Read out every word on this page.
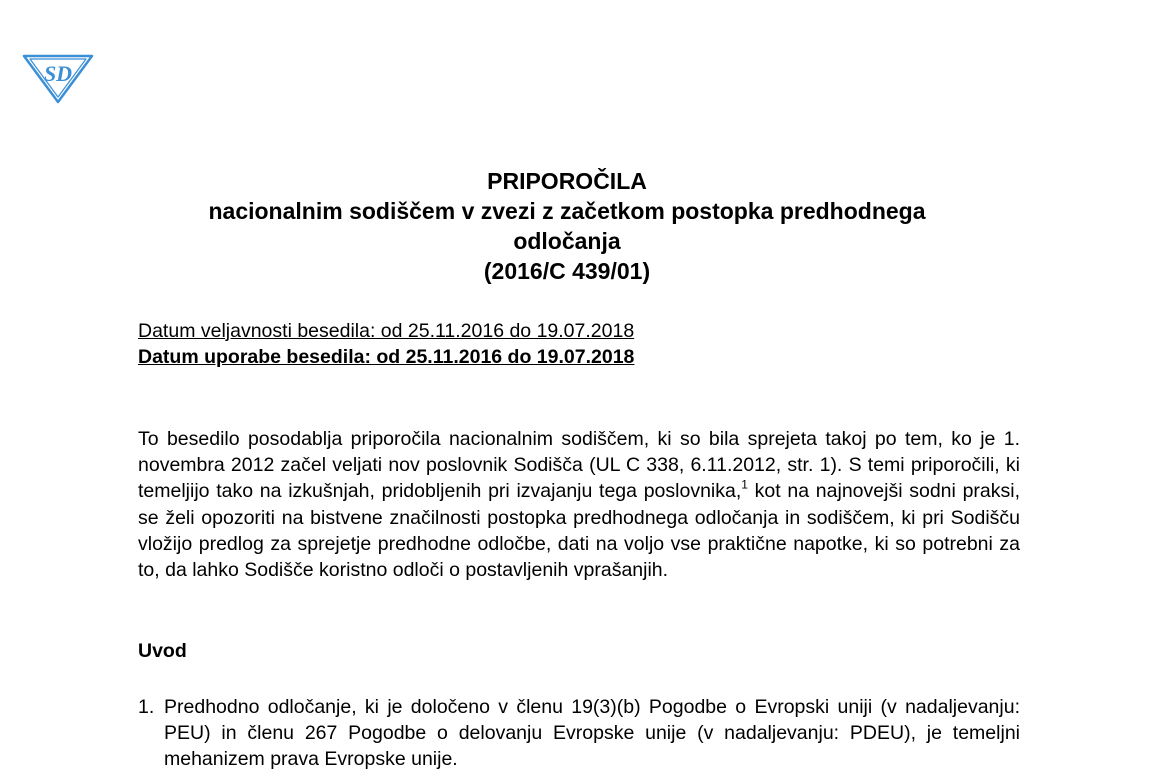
SD
PRIPOROČILA
nacionalnim sodiščem v zvezi z začetkom postopka predhodnega
odločanja
(2016/C 439/01)
Datum veljavnosti besedila: od 25.11.2016 do 19.07.2018
Datum uporabe besedila: od 25.11.2016 do 19.07.2018

To besedilo posodablja priporočila nacionalnim sodiščem, ki so bila sprejeta takoj po tem, ko je 1. novembra 2012 začel veljati nov poslovnik Sodišča (UL C 338, 6.11.2012, str. 1). S temi priporočili, ki temeljijo tako na izkušnjah, pridobljenih pri izvajanju tega poslovnika,$^1$ kot na najnovejši sodni praksi, se želi opozoriti na bistvene značilnosti postopka predhodnega odločanja in sodiščem, ki pri Sodišču vložijo predlog za sprejetje predhodne odločbe, dati na voljo vse praktične napotke, ki so potrebni za to, da lahko Sodišče koristno odloči o postavljenih vprašanjih.

Uvod
1. Predhodno odločanje, ki je določeno v členu 19(3)(b) Pogodbe o Evropski uniji (v nadaljevanju: PEU) in členu 267 Pogodbe o delovanju Evropske unije (v nadaljevanju: PDEU), je temeljni mehanizem prava Evropske unije.
